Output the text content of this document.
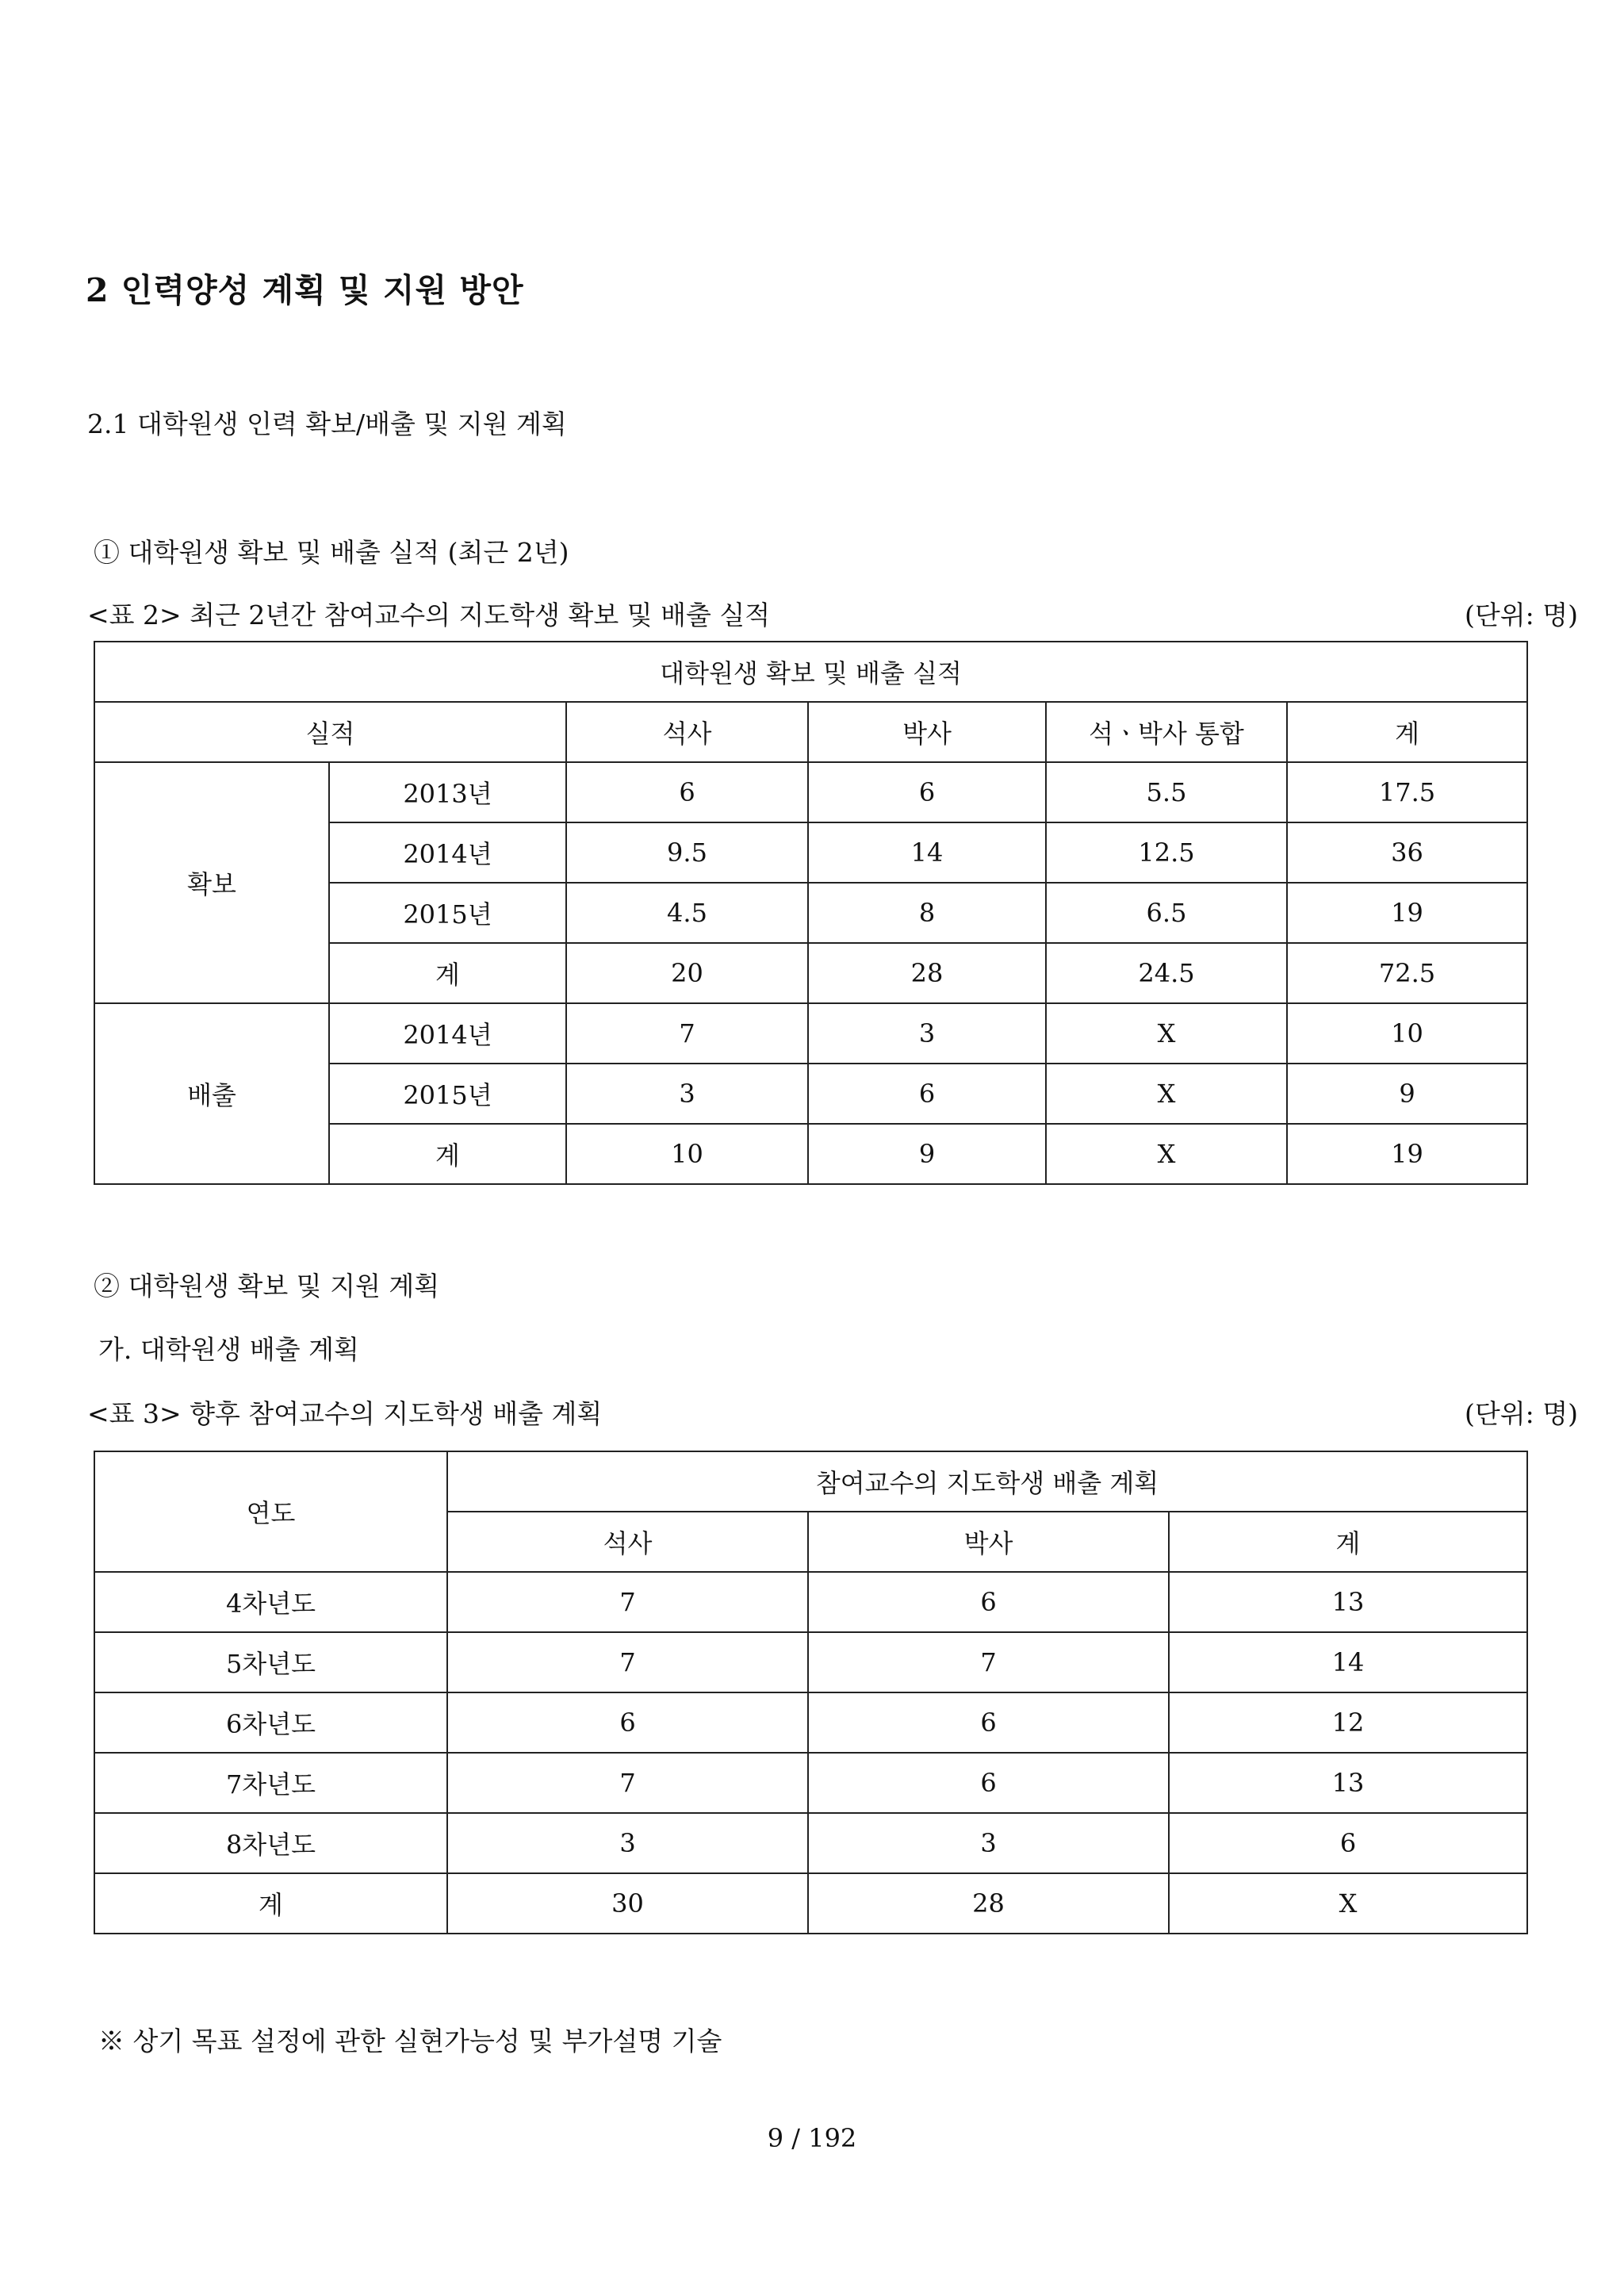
2 인력양성 계획 및 지원 방안
2.1 대학원생 인력 확보/배출 및 지원 계획
① 대학원생 확보 및 배출 실적 (최근 2년)
<표 2> 최근 2년간 참여교수의 지도학생 확보 및 배출 실적	(단위: 명)
대학원생 확보 및 배출 실적					
실적		석사	박사	석ㆍ박사 통합	계
확보	2013년	6	6	5.5	17.5
	2014년	9.5	14	12.5	36
	2015년	4.5	8	6.5	19
	계	20	28	24.5	72.5
배출	2014년	7	3	X	10
	2015년	3	6	X	9
	계	10	9	X	19
② 대학원생 확보 및 지원 계획
가. 대학원생 배출 계획
<표 3> 향후 참여교수의 지도학생 배출 계획	(단위: 명)
연도	참여교수의 지도학생 배출 계획		
	석사	박사	계
4차년도	7	6	13
5차년도	7	7	14
6차년도	6	6	12
7차년도	7	6	13
8차년도	3	3	6
계	30	28	X
※ 상기 목표 설정에 관한 실현가능성 및 부가설명 기술
9 / 192
